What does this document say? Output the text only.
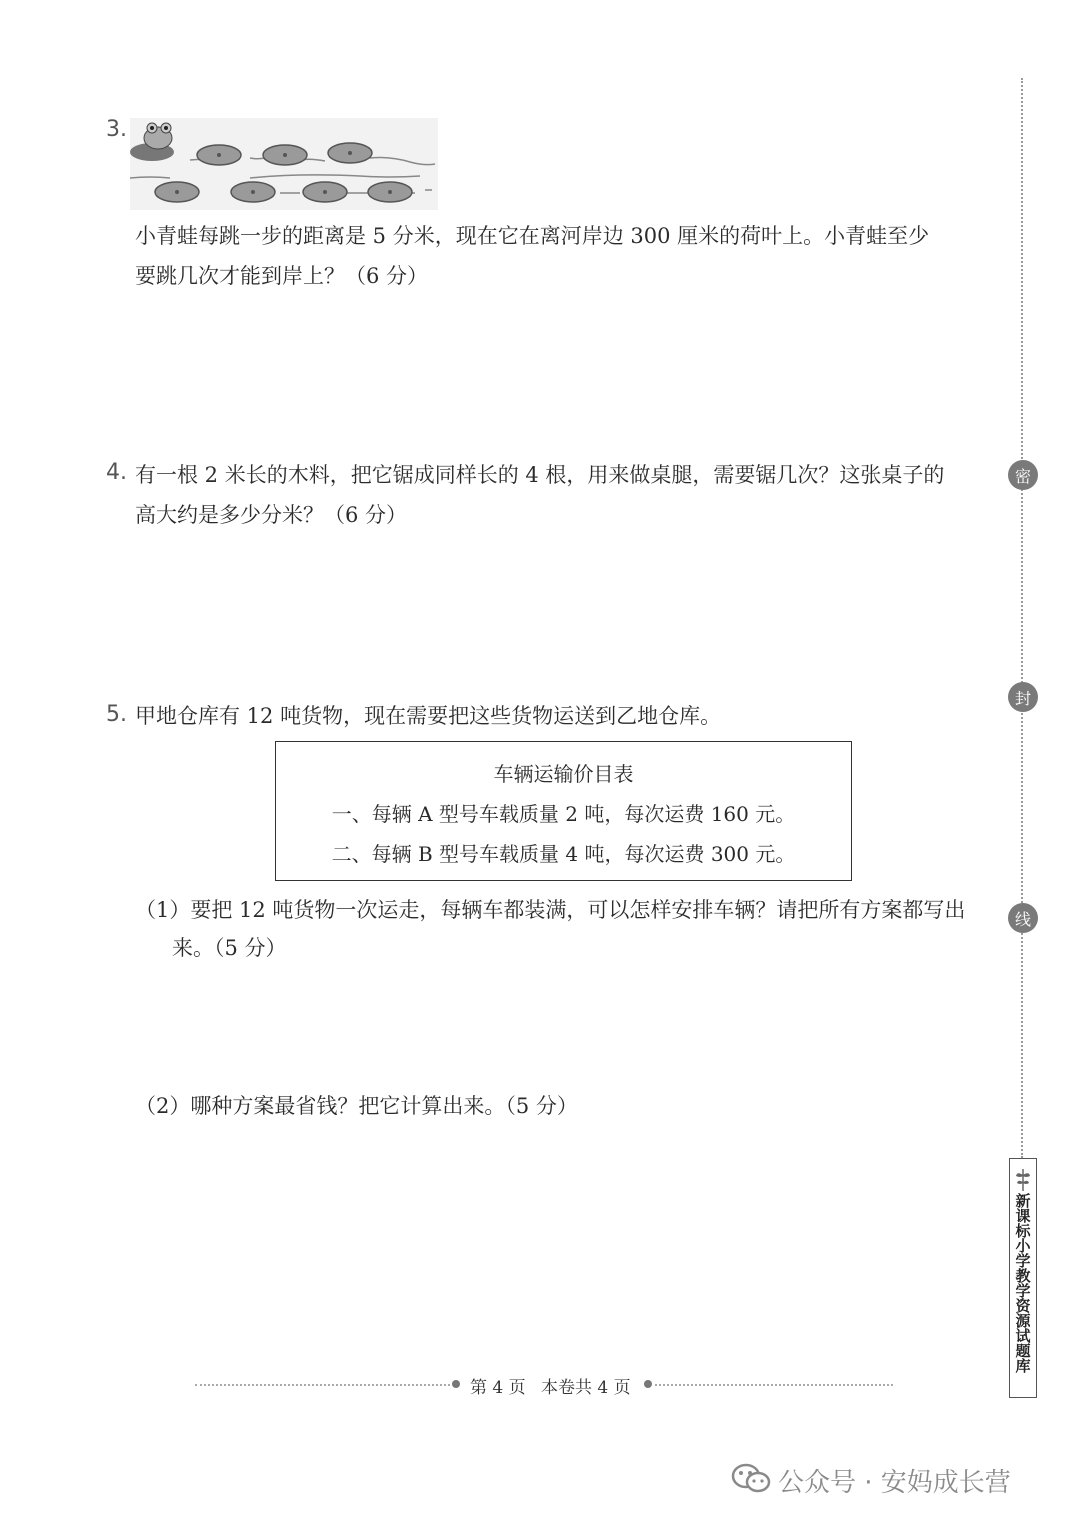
3.
小青蛙每跳一步的距离是 5 分米，现在它在离河岸边 300 厘米的荷叶上。小青蛙至少
要跳几次才能到岸上？（6 分）
4. 有一根 2 米长的木料，把它锯成同样长的 4 根，用来做桌腿，需要锯几次？这张桌子的
高大约是多少分米？（6 分）
5. 甲地仓库有 12 吨货物，现在需要把这些货物运送到乙地仓库。
车辆运输价目表
一、每辆 A 型号车载质量 2 吨，每次运费 160 元。
二、每辆 B 型号车载质量 4 吨，每次运费 300 元。
（1）要把 12 吨货物一次运走，每辆车都装满，可以怎样安排车辆？请把所有方案都写出
来。（5 分）
（2）哪种方案最省钱？把它计算出来。（5 分）
密
封
线
新课标小学教学资源试题库
第 4 页 本卷共 4 页
公众号 · 安妈成长营
